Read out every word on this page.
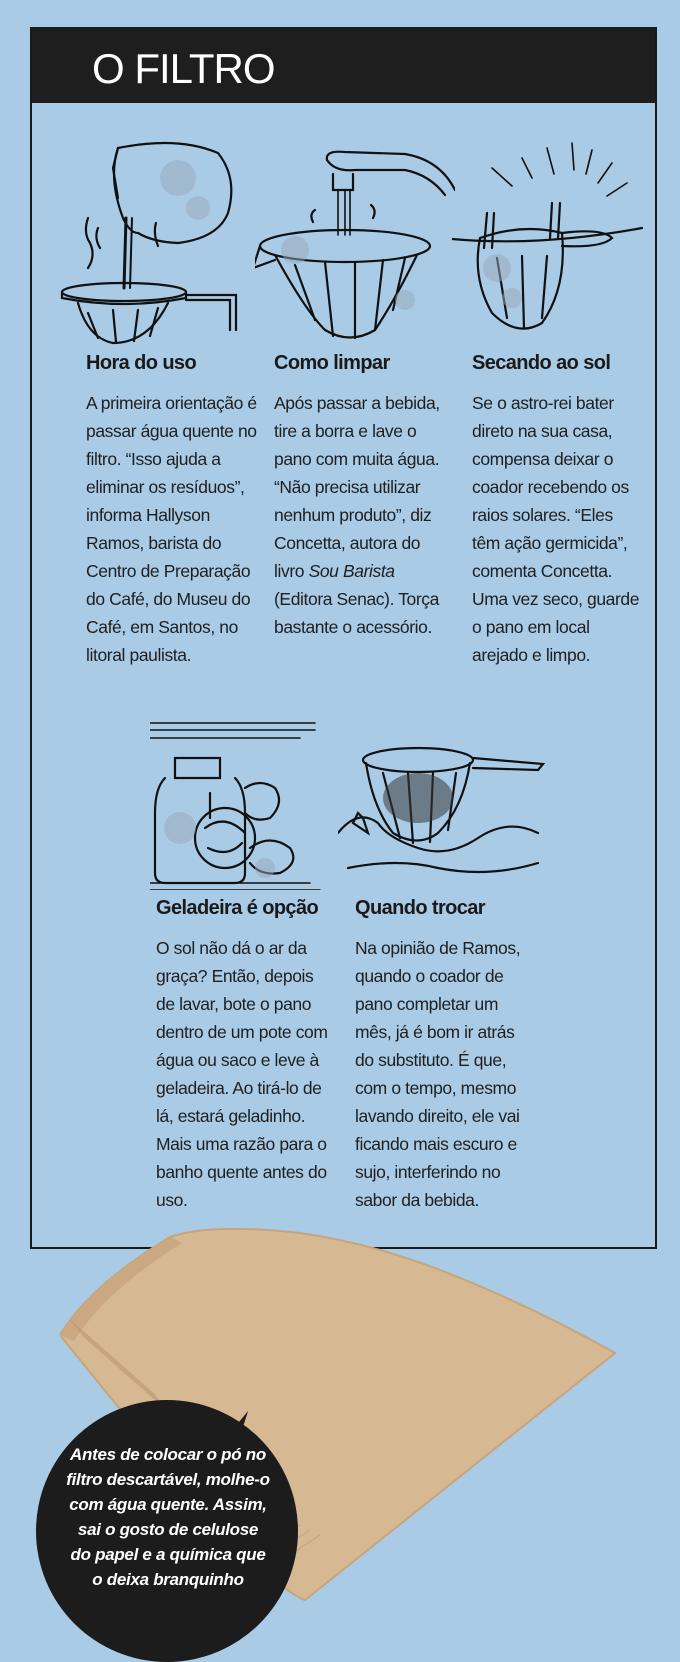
O FILTRO
Antes de colocar o pó no filtro descartável, molhe-o com água quente. Assim, sai o gosto de celulose do papel e a química que o deixa branquinho
Hora do uso

A primeira orientação é passar água quente no filtro. “Isso ajuda a eliminar os resíduos”, informa Hallyson Ramos, barista do Centro de Preparação do Café, do Museu do Café, em Santos, no litoral paulista.

Como limpar

Após passar a bebida, tire a borra e lave o pano com muita água. “Não precisa utilizar nenhum produto”, diz Concetta, autora do livro Sou Barista (Editora Senac). Torça bastante o acessório.

Secando ao sol

Se o astro-rei bater direto na sua casa, compensa deixar o coador recebendo os raios solares. “Eles têm ação germicida”, comenta Concetta. Uma vez seco, guarde o pano em local arejado e limpo.

Geladeira é opção

O sol não dá o ar da graça? Então, depois de lavar, bote o pano dentro de um pote com água ou saco e leve à geladeira. Ao tirá-lo de lá, estará geladinho. Mais uma razão para o banho quente antes do uso.

Quando trocar

Na opinião de Ramos, quando o coador de pano completar um mês, já é bom ir atrás do substituto. É que, com o tempo, mesmo lavando direito, ele vai ficando mais escuro e sujo, interferindo no sabor da bebida.
